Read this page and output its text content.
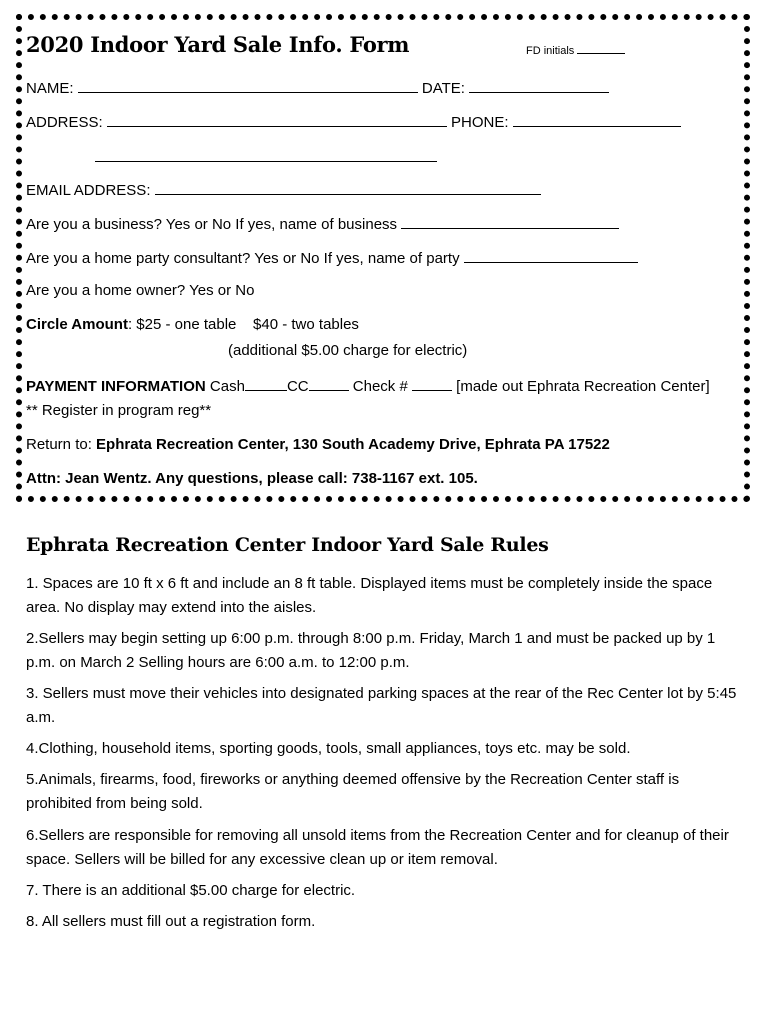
2020 Indoor Yard Sale Info. Form	FD initials
NAME:	DATE:
ADDRESS:	PHONE:
EMAIL ADDRESS:
Are you a business? Yes or No If yes, name of business
Are you a home party consultant? Yes or No If yes, name of party
Are you a home owner? Yes or No
Circle Amount: $25 - one table    $40 - two tables
(additional $5.00 charge for electric)
PAYMENT INFORMATION Cash	CC	Check #	[made out Ephrata Recreation Center]
** Register in program reg**
Return to: Ephrata Recreation Center, 130 South Academy Drive, Ephrata PA 17522
Attn: Jean Wentz. Any questions, please call: 738-1167 ext. 105.
Ephrata Recreation Center Indoor Yard Sale Rules
1. Spaces are 10 ft x 6 ft and include an 8 ft table. Displayed items must be completely inside the space area. No display may extend into the aisles.
2.Sellers may begin setting up 6:00 p.m. through 8:00 p.m. Friday, March 1 and must be packed up by 1 p.m. on March 2 Selling hours are 6:00 a.m. to 12:00 p.m.
3. Sellers must move their vehicles into designated parking spaces at the rear of the Rec Center lot by 5:45 a.m.
4.Clothing, household items, sporting goods, tools, small appliances, toys etc. may be sold.
5.Animals, firearms, food, fireworks or anything deemed offensive by the Recreation Center staff is prohibited from being sold.
6.Sellers are responsible for removing all unsold items from the Recreation Center and for cleanup of their space. Sellers will be billed for any excessive clean up or item removal.
7. There is an additional $5.00 charge for electric.
8. All sellers must fill out a registration form.
